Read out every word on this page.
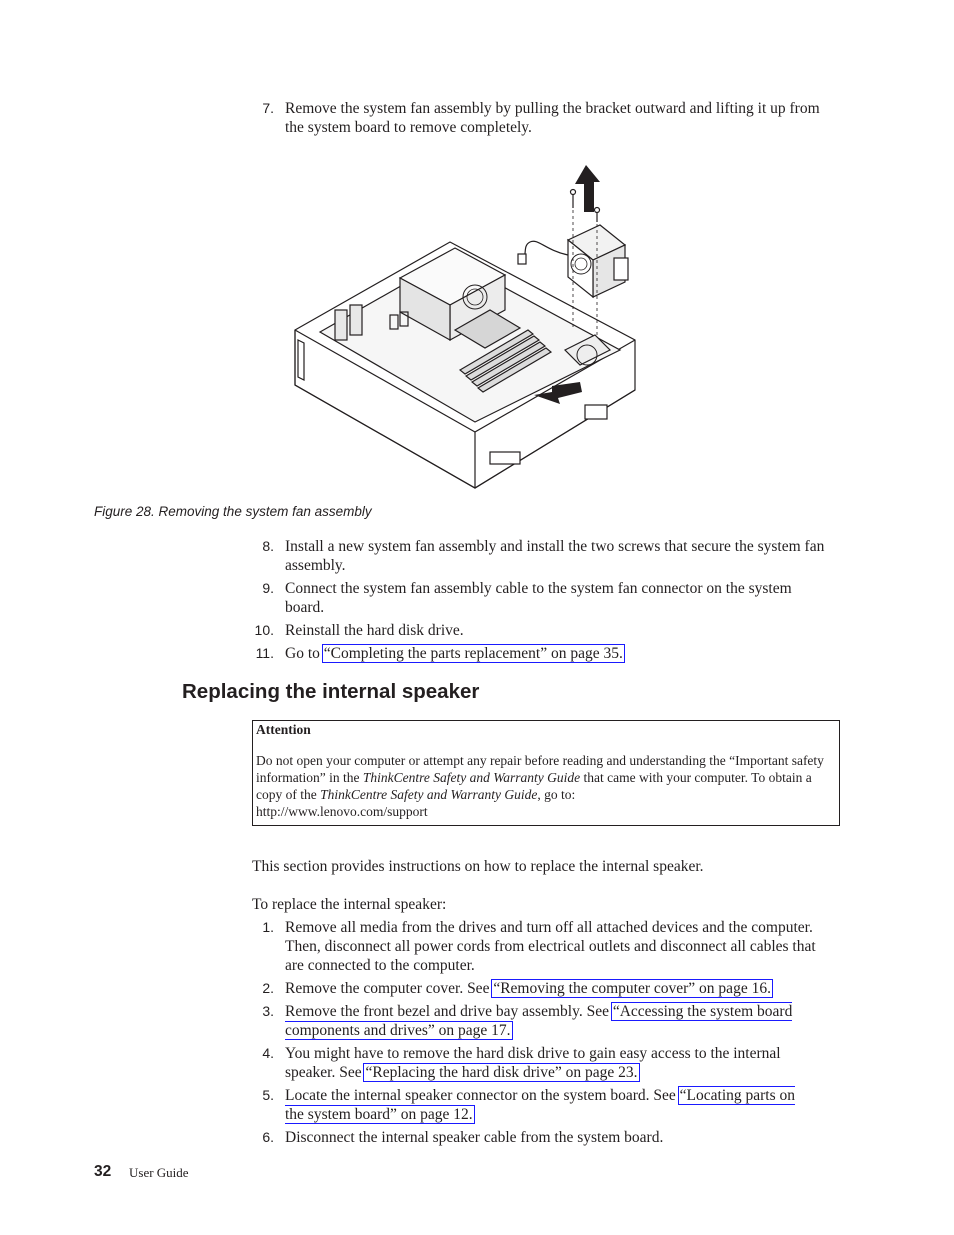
7. Remove the system fan assembly by pulling the bracket outward and lifting it up from the system board to remove completely.
Figure 28. Removing the system fan assembly
8. Install a new system fan assembly and install the two screws that secure the system fan assembly.
9. Connect the system fan assembly cable to the system fan connector on the system board.
10. Reinstall the hard disk drive.
11. Go to “Completing the parts replacement” on page 35.
Replacing the internal speaker
Attention
Do not open your computer or attempt any repair before reading and understanding the “Important safety information” in the ThinkCentre Safety and Warranty Guide that came with your computer. To obtain a copy of the ThinkCentre Safety and Warranty Guide, go to:
http://www.lenovo.com/support
This section provides instructions on how to replace the internal speaker.
To replace the internal speaker:
1. Remove all media from the drives and turn off all attached devices and the computer. Then, disconnect all power cords from electrical outlets and disconnect all cables that are connected to the computer.
2. Remove the computer cover. See “Removing the computer cover” on page 16.
3. Remove the front bezel and drive bay assembly. See “Accessing the system board components and drives” on page 17.
4. You might have to remove the hard disk drive to gain easy access to the internal speaker. See “Replacing the hard disk drive” on page 23.
5. Locate the internal speaker connector on the system board. See “Locating parts on the system board” on page 12.
6. Disconnect the internal speaker cable from the system board.
32 User Guide
